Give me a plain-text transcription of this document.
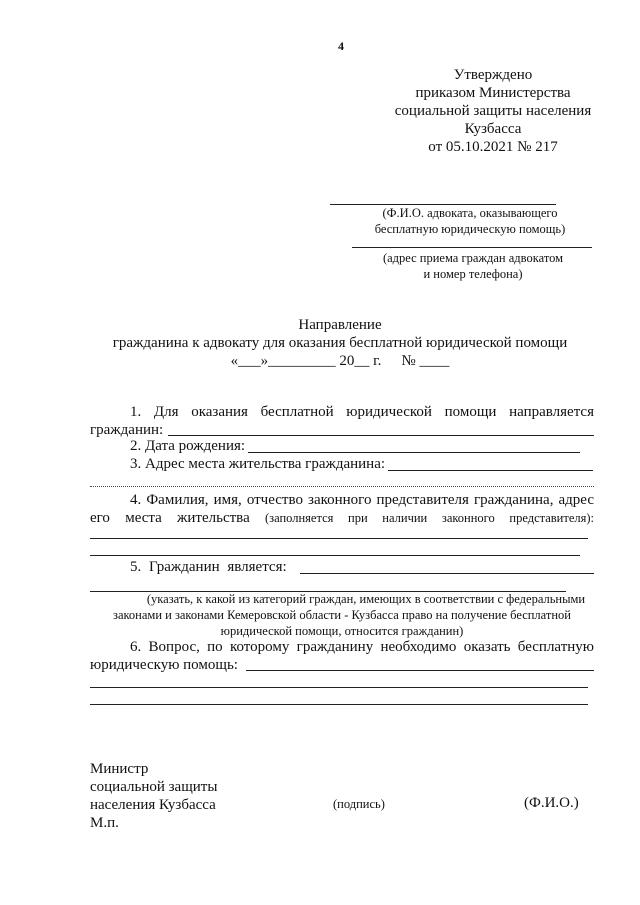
4
Утверждено
приказом Министерства
социальной защиты населения
Кузбасса
от 05.10.2021 № 217
(Ф.И.О. адвоката, оказывающего
бесплатную юридическую помощь)
(адрес приема граждан адвокатом
и номер телефона)
Направление
гражданина к адвокату для оказания бесплатной юридической помощи
«___»_________ 20__ г. № ____
1. Для оказания бесплатной юридической помощи направляется
гражданин:
2. Дата рождения:
3. Адрес места жительства гражданина:
4. Фамилия, имя, отчество законного представителя гражданина, адрес
его места жительства (заполняется при наличии законного представителя):
5. Гражданин является:
(указать, к какой из категорий граждан, имеющих в соответствии с федеральными
законами и законами Кемеровской области - Кузбасса право на получение бесплатной
юридической помощи, относится гражданин)
6. Вопрос, по которому гражданину необходимо оказать бесплатную
юридическую помощь:
Министр
социальной защиты
населения Кузбасса
М.п.
(подпись)	(Ф.И.О.)
